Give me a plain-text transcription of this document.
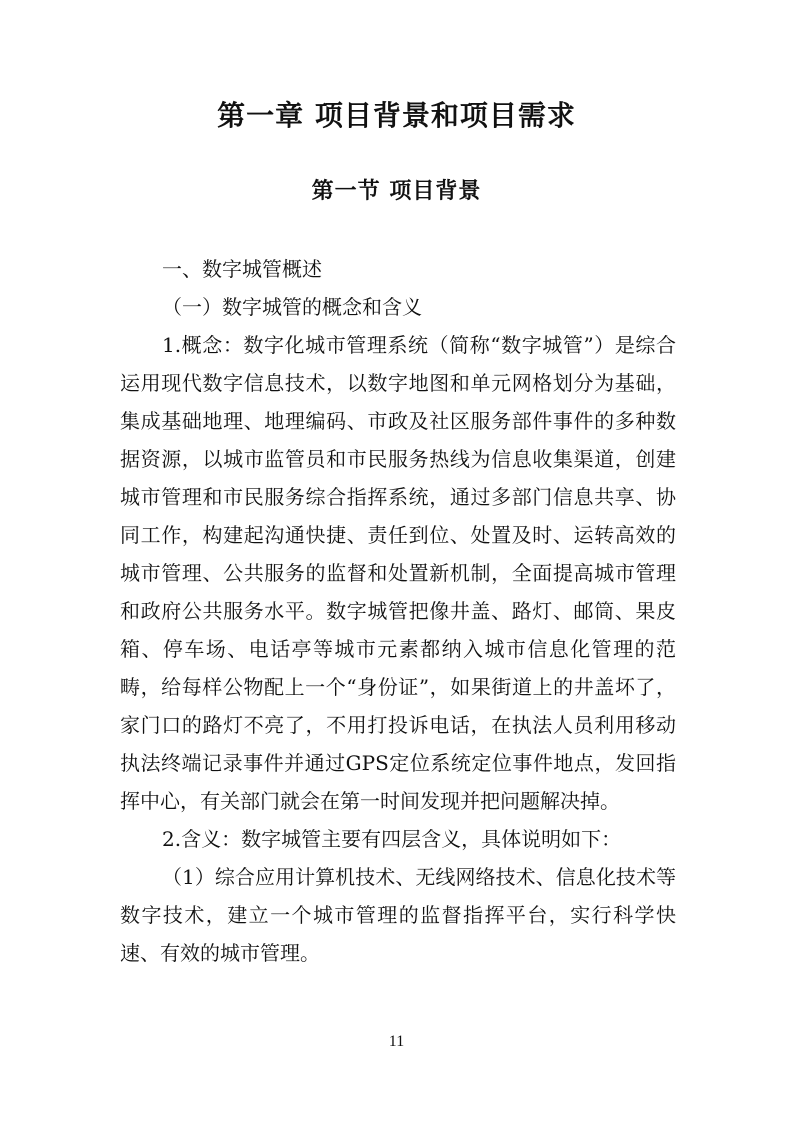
第一章 项目背景和项目需求
第一节 项目背景

一、数字城管概述

（一）数字城管的概念和含义

1.概念：数字化城市管理系统（简称“数字城管”）是综合运用现代数字信息技术，以数字地图和单元网格划分为基础，集成基础地理、地理编码、市政及社区服务部件事件的多种数据资源，以城市监管员和市民服务热线为信息收集渠道，创建城市管理和市民服务综合指挥系统，通过多部门信息共享、协同工作，构建起沟通快捷、责任到位、处置及时、运转高效的城市管理、公共服务的监督和处置新机制，全面提高城市管理和政府公共服务水平。数字城管把像井盖、路灯、邮筒、果皮箱、停车场、电话亭等城市元素都纳入城市信息化管理的范畴，给每样公物配上一个“身份证”，如果街道上的井盖坏了，家门口的路灯不亮了，不用打投诉电话，在执法人员利用移动执法终端记录事件并通过GPS定位系统定位事件地点，发回指挥中心，有关部门就会在第一时间发现并把问题解决掉。

2.含义：数字城管主要有四层含义，具体说明如下：

（1）综合应用计算机技术、无线网络技术、信息化技术等数字技术，建立一个城市管理的监督指挥平台，实行科学快速、有效的城市管理。

11
